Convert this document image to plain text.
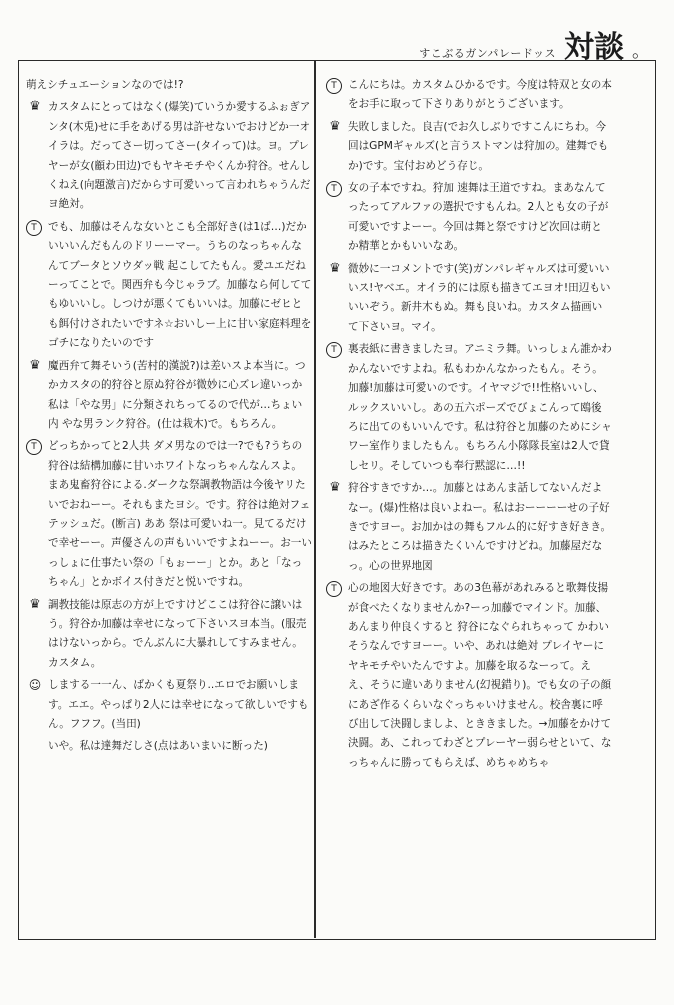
すこぶるガンパレードッス 対談 。
萌えシチュエーションなのでは!?
♛ カスタムにとってはなく(爆笑)ていうか愛するふぉぎアンタ(木兎)せに手をあげる男は許せないでおけどか一オイラは。だってさー切ってさー(タイって)は。ヨ。プレヤーが女(顧わ田边)でもヤキモチやくんか狩谷。せんしくねえ(向題激言)だからす可愛いって言われちゃうんだヨ絶対。
T	でも、加藤はそんな女いとこも全部好き(は1ば…)だかいいいんだもんのドリーーマー。うちのなっちゃんなんてブータとソウダッ戦 起こしてたもん。愛ユエだねーってことで。関西弁も今じゃラブ。加藤なら何しててもゆいいし。しつけが悪くてもいいは。加藤にゼヒとも餌付けされたいですネ☆おいしー上に甘い家庭料理をゴチになりたいのです
♛ 魔西弁て舞そいう(苦村的漢説?)は差いスよ本当に。つかカスタの的狩谷と原ぬ狩谷が微妙に心ズレ違いっか私は「やな男」に分類されちってるので代が…ちょい内 やな男ランク狩谷。(仕は栽木)で。もちろん。
T	どっちかってと2人共 ダメ男なのでは一?でも?うちの狩谷は結構加藤に甘いホワイトなっちゃんなんスよ。まあ鬼畜狩谷による.ダークな祭調教物語は今後ヤリたいでおねーー。それもまたヨシ。です。狩谷は絶対フェテッシュだ。(断言) ああ 祭は可愛いね一。見てるだけで幸せーー。声優さんの声もいいですよねーー。お一いっしょに仕事たい祭の「もぉーー」とか。あと「なっちゃん」とかボイス付きだと悦いですね。
♛ 調教技能は原志の方が上ですけどここは狩谷に譲いはう。狩谷か加藤は幸せになって下さいスヨ本当。(服売はけないっから。でんぶんに大暴れしてすみません。カスタム。
☺ しまする一一ん、ばかくも夏祭り..エロでお願いします。エエ。やっぱり2人には幸せになって欲しいですもん。フフフ。(当田)
いや。私は達舞だしさ(点はあいまいに断った)
T	こんにちは。カスタムひかるです。今度は特双と女の本をお手に取って下さりありがとうございます。
♛ 失敗しました。良吉(でお久しぶりですこんにちわ。今回はGPMギャルズ(と言うストマンは狩加の。建舞でもか)です。宝付おめどう存じ。
T	女の子本ですね。狩加 速舞は王道ですね。まあなんてったってアルファの選択ですもんね。2人とも女の子が可愛いですよーー。今回は舞と祭ですけど次回は萌とか精華とかもいいなあ。
♛ 微妙に一コメントです(笑)ガンパレギャルズは可愛いいいス!ヤベエ。オイラ的には原も描きてエヨオ!田辺もいいいぞう。新井木もぬ。舞も良いね。カスタム描画いて下さいヨ。マイ。
T	裏表紙に書きましたヨ。アニミラ舞。いっしょん誰かわかんないですよね。私もわかんなかったもん。そう。加藤!加藤は可愛いのです。イヤマジで!!性格いいし、ルックスいいし。あの五六ポーズでびょこんって鴎後ろに出てのもいいんです。私は狩谷と加藤のためにシャワー室作りましたもん。もちろん小隊隊長室は2人で貸しセリ。そしていつも奉行黙認に…!!
♛ 狩谷すきですか…。加藤とはあんま話してないんだよなー。(爆)性格は良いよねー。私はおーーーーせの子好きですヨー。お加かはの舞もフルム的に好すき好きき。はみたところは描きたくいんですけどね。加藤屋だなっ。心の世界地図
T	心の地図大好きです。あの3色幕があれみると歌舞伎揚が食べたくなりませんか?ーっ加藤でマインド。加藤、あんまり仲良くすると 狩谷になぐられちゃって かわいそうなんですヨーー。いや、あれは絶対 プレイヤーにヤキモチやいたんですよ。加藤を取るなーって。ええ、そうに違いありません(幻視錯り)。でも女の子の顔にあざ作るくらいなぐっちゃいけません。校舎裏に呼び出して決闘しましよ、とききました。→加藤をかけて決闘。あ、これってわざとプレーヤー弱らせといて、なっちゃんに勝ってもらえば、めちゃめちゃ
